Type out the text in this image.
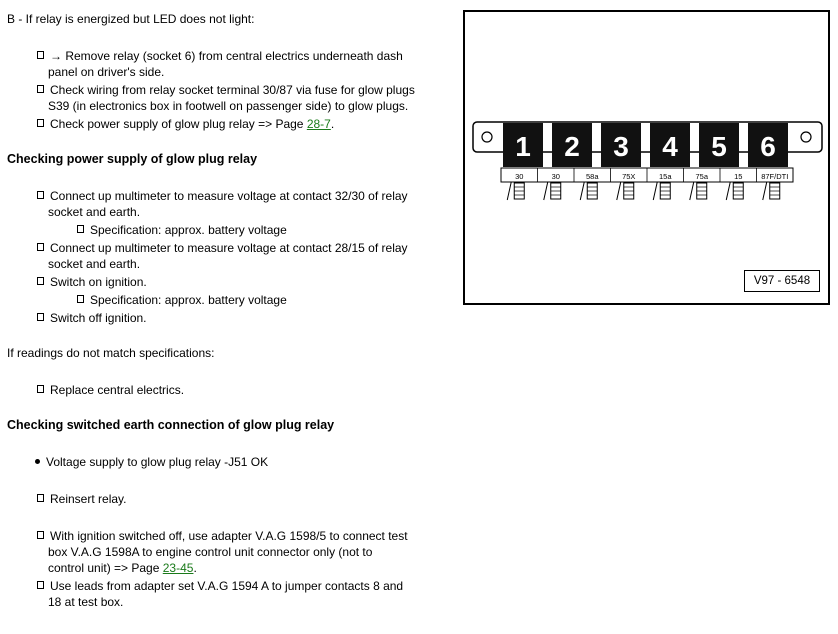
B - If relay is energized but LED does not light:
→ Remove relay (socket 6) from central electrics underneath dash
panel on driver's side.
Check wiring from relay socket terminal 30/87 via fuse for glow plugs
S39 (in electronics box in footwell on passenger side) to glow plugs.
Check power supply of glow plug relay => Page 28-7.
Checking power supply of glow plug relay
Connect up multimeter to measure voltage at contact 32/30 of relay
socket and earth.
Specification: approx. battery voltage
Connect up multimeter to measure voltage at contact 28/15 of relay
socket and earth.
Switch on ignition.
Specification: approx. battery voltage
Switch off ignition.
If readings do not match specifications:
Replace central electrics.
Checking switched earth connection of glow plug relay
Voltage supply to glow plug relay -J51 OK
Reinsert relay.
With ignition switched off, use adapter V.A.G 1598/5 to connect test
box V.A.G 1598A to engine control unit connector only (not to
control unit) => Page 23-45.
Use leads from adapter set V.A.G 1594 A to jumper contacts 8 and
18 at test box.
1 2 3 4 5 6
30	30	58a	75X	15a	75a	15	87F/DTI
V97 - 6548
